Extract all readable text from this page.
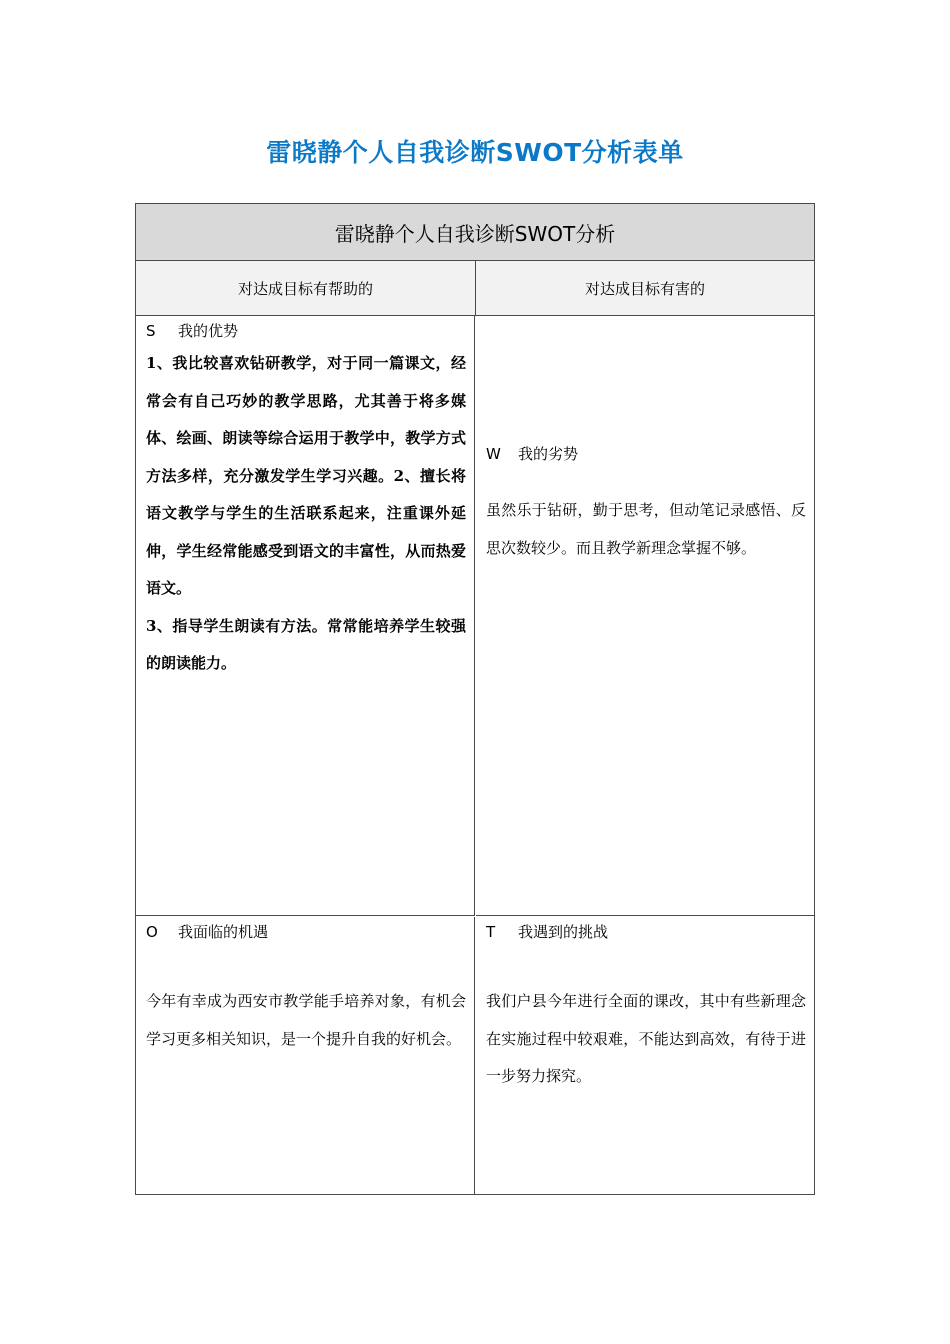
雷晓静个人自我诊断SWOT分析表单
雷晓静个人自我诊断SWOT分析
对达成目标有帮助的	对达成目标有害的
S 我的优势

1、我比较喜欢钻研教学，对于同一篇课文，经常会有自己巧妙的教学思路，尤其善于将多媒体、绘画、朗读等综合运用于教学中，教学方式方法多样，充分激发学生学习兴趣。2、擅长将语文教学与学生的生活联系起来，注重课外延伸，学生经常能感受到语文的丰富性，从而热爱语文。

3、指导学生朗读有方法。常常能培养学生较强的朗读能力。

W 我的劣势

虽然乐于钻研，勤于思考，但动笔记录感悟、反思次数较少。而且教学新理念掌握不够。

O 我面临的机遇

今年有幸成为西安市教学能手培养对象，有机会学习更多相关知识，是一个提升自我的好机会。

T 我遇到的挑战

我们户县今年进行全面的课改，其中有些新理念在实施过程中较艰难，不能达到高效，有待于进一步努力探究。
